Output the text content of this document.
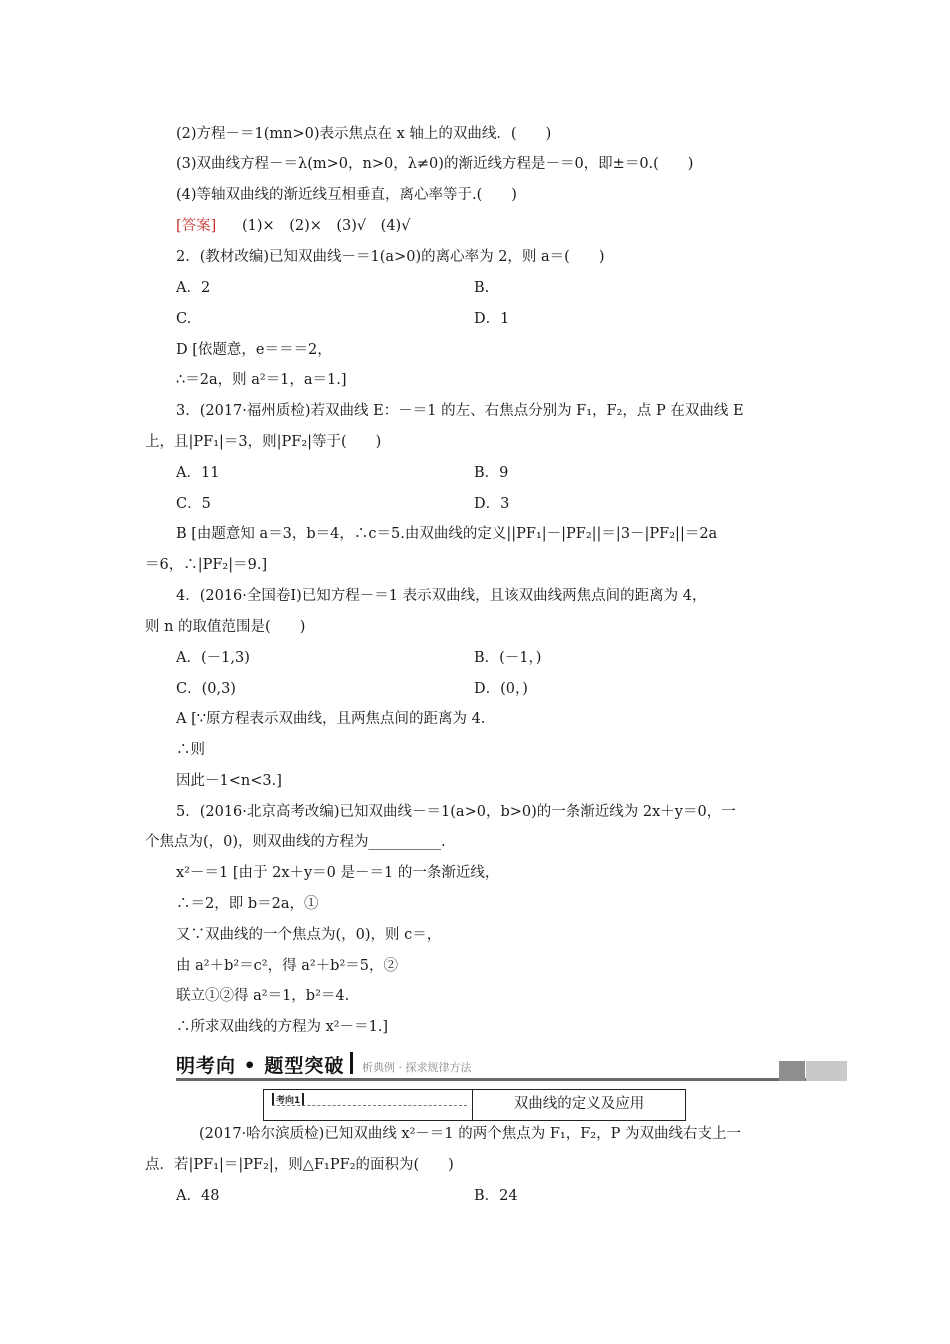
(2)方程－＝1(mn>0)表示焦点在 x 轴上的双曲线．(　　)
(3)双曲线方程－＝λ(m>0，n>0，λ≠0)的渐近线方程是－＝0，即±＝0.(　　)
(4)等轴双曲线的渐近线互相垂直，离心率等于.(　　)
[答案] (1)×　(2)×　(3)√　(4)√
2．(教材改编)已知双曲线－＝1(a>0)的离心率为 2，则 a＝(　　)
A．2	B.
C.	D．1
D [依题意，e＝＝＝2，
∴＝2a，则 a²＝1，a＝1.]
3．(2017·福州质检)若双曲线 E：－＝1 的左、右焦点分别为 F₁，F₂，点 P 在双曲线 E
上，且|PF₁|＝3，则|PF₂|等于(　　)
A．11	B．9
C．5	D．3
B [由题意知 a＝3，b＝4，∴c＝5.由双曲线的定义||PF₁|－|PF₂||＝|3－|PF₂||＝2a
＝6，∴|PF₂|＝9.]
4．(2016·全国卷Ⅰ)已知方程－＝1 表示双曲线，且该双曲线两焦点间的距离为 4，
则 n 的取值范围是(　　)
A．(－1,3)	B．(－1，)
C．(0,3)	D．(0，)
A [∵原方程表示双曲线，且两焦点间的距离为 4.
∴则
因此－1<n<3.]
5．(2016·北京高考改编)已知双曲线－＝1(a>0，b>0)的一条渐近线为 2x＋y＝0，一
个焦点为(，0)，则双曲线的方程为__________.
x²－＝1 [由于 2x＋y＝0 是－＝1 的一条渐近线，
∴＝2，即 b＝2a，①
又∵双曲线的一个焦点为(，0)，则 c＝，
由 a²＋b²＝c²，得 a²＋b²＝5，②
联立①②得 a²＝1，b²＝4.
∴所求双曲线的方程为 x²－＝1.]
明考向 • 题型突破 析典例 · 探求规律方法
考向1	双曲线的定义及应用
(2017·哈尔滨质检)已知双曲线 x²－＝1 的两个焦点为 F₁，F₂，P 为双曲线右支上一
点．若|PF₁|＝|PF₂|，则△F₁PF₂的面积为(　　)
A．48	B．24
